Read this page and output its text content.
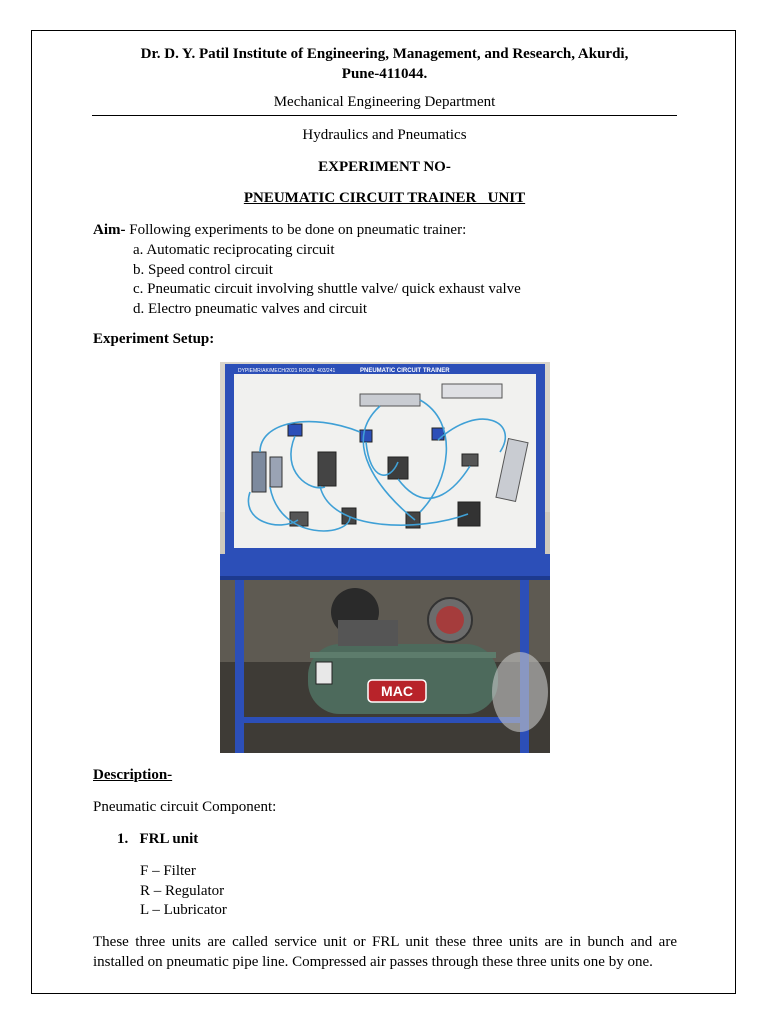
Dr. D. Y. Patil Institute of Engineering, Management, and Research, Akurdi,
Pune-411044.
Mechanical Engineering Department
Hydraulics and Pneumatics
EXPERIMENT NO-
PNEUMATIC CIRCUIT TRAINER   UNIT
Aim- Following experiments to be done on pneumatic trainer:
a. Automatic reciprocating circuit
b. Speed control circuit
c. Pneumatic circuit involving shuttle valve/ quick exhaust valve
d. Electro pneumatic valves and circuit
Experiment Setup:
DYPIEMR/AK/MECH/2021 ROOM: 403/241	PNEUMATIC CIRCUIT TRAINER
MAC
Description-
Pneumatic circuit Component:
1.   FRL unit
F – Filter
R – Regulator
L – Lubricator
These three units are called service unit or FRL unit these three units are in bunch and are installed on pneumatic pipe line. Compressed air passes through these three units one by one.
